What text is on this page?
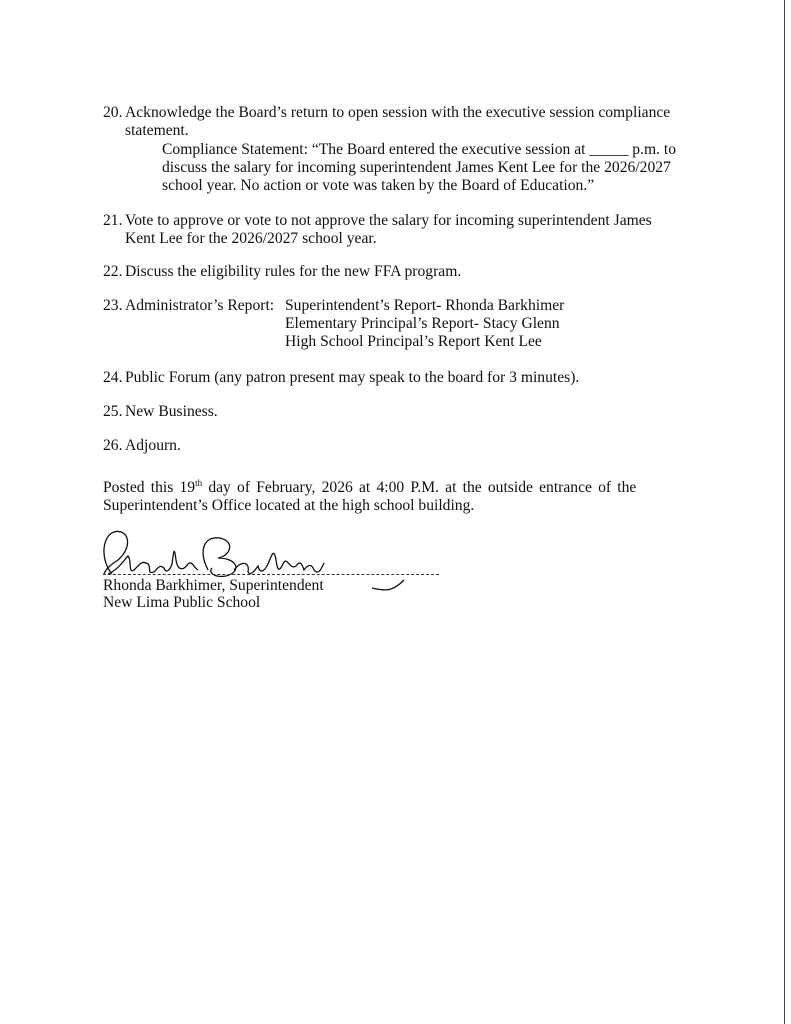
20. Acknowledge the Board’s return to open session with the executive session compliance
statement.
Compliance Statement: “The Board entered the executive session at _____ p.m. to
discuss the salary for incoming superintendent James Kent Lee for the 2026/2027
school year. No action or vote was taken by the Board of Education.”
21. Vote to approve or vote to not approve the salary for incoming superintendent James
Kent Lee for the 2026/2027 school year.
22. Discuss the eligibility rules for the new FFA program.
23. Administrator’s Report: Superintendent’s Report- Rhonda Barkhimer
Elementary Principal’s Report- Stacy Glenn
High School Principal’s Report Kent Lee
24. Public Forum (any patron present may speak to the board for 3 minutes).
25. New Business.
26. Adjourn.
Posted this 19th day of February, 2026 at 4:00 P.M. at the outside entrance of the
Superintendent’s Office located at the high school building.
Rhonda Barkhimer, Superintendent
New Lima Public School
